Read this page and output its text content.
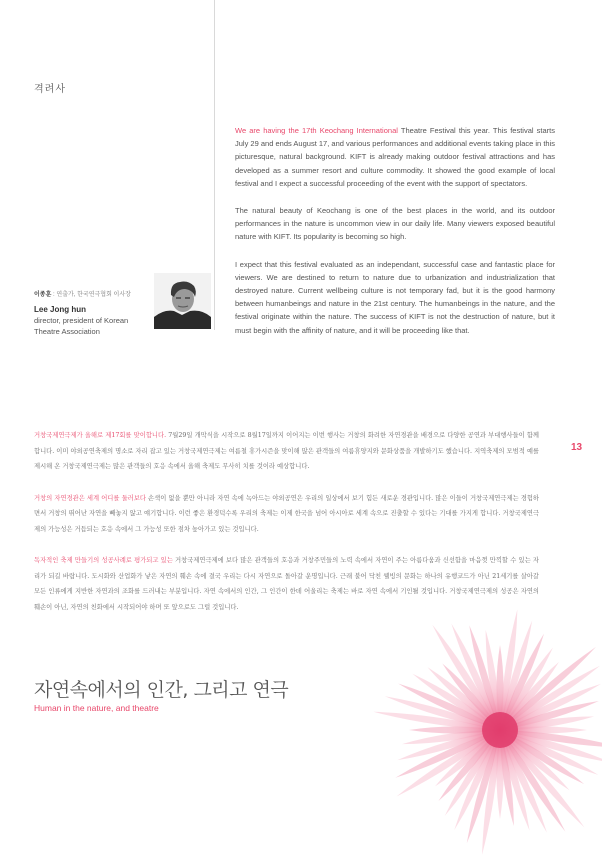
격려사

We are having the 17th Keochang International Theatre Festival this year. This festival starts July 29 and ends August 17, and various performances and additional events taking place in this picturesque, natural background. KIFT is already making outdoor festival attractions and has developed as a summer resort and culture commodity. It showed the good example of local festival and I expect a successful proceeding of the event with the support of spectators.

The natural beauty of Keochang is one of the best places in the world, and its outdoor performances in the nature is uncommon view in our daily life. Many viewers exposed beautiful nature with KIFT. Its popularity is becoming so high.

I expect that this festival evaluated as an independant, successful case and fantastic place for viewers. We are destined to return to nature due to urbanization and industrialization that destroyed nature. Current wellbeing culture is not temporary fad, but it is the good harmony between humanbeings and nature in the 21st century. The humanbeings in the nature, and the festival originate within the nature. The success of KIFT is not the destruction of nature, but it must begin with the affinity of nature, and it will be proceeding like that.

이종훈 : 연출가, 한국연극협회 이사장
Lee Jong hun
director, president of Korean Theatre Association

거창국제연극제가 올해로 제17회를 맞이합니다. 7월29일 개막식을 시작으로 8월17일까지 이어지는 이번 행사는 거창의 화려한 자연경관을 배경으로 다양한 공연과 부대행사들이 함께합니다. 이미 야외공연축제의 명소로 자리 잡고 있는 거창국제연극제는 여름철 휴가시즌을 맞이해 많은 관객들의 여름휴양지와 문화상품을 개발하기도 했습니다. 지역축제의 모범적 예를 제시해 온 거창국제연극제는 많은 관객들의 호응 속에서 올해 축제도 무사히 치를 것이라 예상합니다.

거창의 자연경관은 세계 어디를 둘러보다 손색이 없을 뿐만 아니라 자연 속에 녹아드는 야외공연은 우리의 일상에서 보기 힘든 새로운 경관입니다. 많은 이들이 거창국제연극제는 경험하면서 거창의 뛰어난 자연을 빼놓지 않고 얘기합니다. 이런 좋은 환경덕수록 우리의 축제는 이제 한국을 넘어 아시아로 세계 속으로 진출할 수 있다는 기대를 가지게 합니다. 거창국제연극제의 가능성은 거듭되는 호응 속에서 그 가능성 또한 점차 높아가고 있는 것입니다.

독자적인 축제 만들기의 성공사례로 평가되고 있는 거창국제연극제에 보다 많은 관객들의 호응과 거창주민들의 노력 속에서 자연이 주는 아름다움과 신선함을 마음껏 만끽할 수 있는 자리가 되길 바랍니다. 도시화와 산업화가 낳은 자연의 훼손 속에 결국 우리는 다시 자연으로 돌아갈 운명입니다. 근래 불어 닥친 웰빙의 문화는 하나의 유행코드가 아닌 21세기를 살아갈 모든 인류에게 지반한 자연과의 조화를 드러내는 부분입니다. 자연 속에서의 인간, 그 인간이 한데 어울리는 축제는 바로 자연 속에서 기인될 것입니다. 거창국제연극제의 성공은 자연의 훼손이 아닌, 자연의 친화에서 시작되어야 하며 또 앞으로도 그럴 것입니다.

13
자연속에서의 인간, 그리고 연극
Human in the nature, and theatre
